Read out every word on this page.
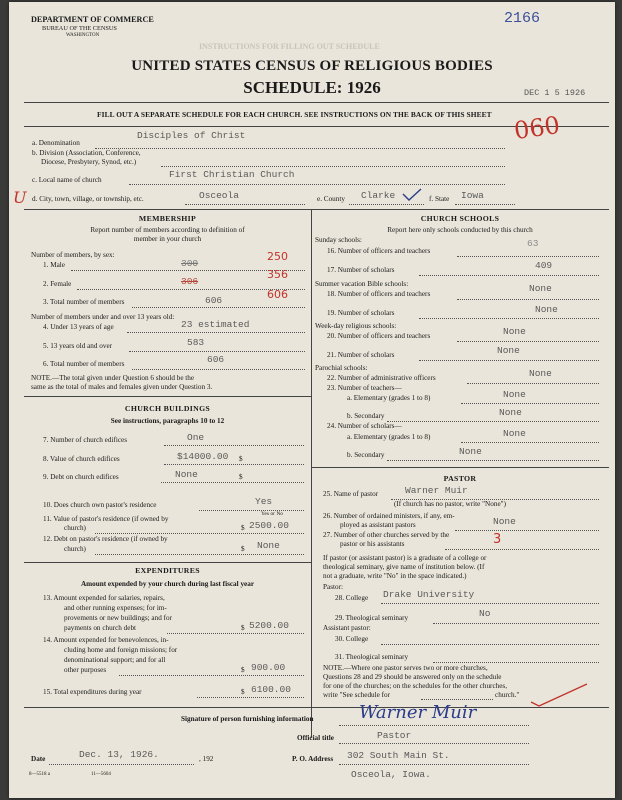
DEPARTMENT OF COMMERCE
BUREAU OF THE CENSUS
WASHINGTON
INSTRUCTIONS FOR FILLING OUT SCHEDULE
2166
UNITED STATES CENSUS OF RELIGIOUS BODIES
SCHEDULE: 1926	DEC 1 5 1926
FILL OUT A SEPARATE SCHEDULE FOR EACH CHURCH. SEE INSTRUCTIONS ON THE BACK OF THIS SHEET 060
a. Denomination
Disciples of Christ
b. Division (Association, Conference,
Diocese, Presbytery, Synod, etc.)
c. Local name of church	First Christian Church
U d. City, town, village, or township, etc.	Osceola	e. County Clarke	f. State Iowa
MEMBERSHIP
Report number of members according to definition of
member in your church
Number of members, by sex:
1. Male	300
250
2. Female	306
356
3. Total number of members	606	606
Number of members under and over 13 years old:
4. Under 13 years of age	23 estimated
5. 13 years old and over	583
6. Total number of members	606
NOTE.—The total given under Question 6 should be the
same as the total of males and females given under Question 3.
CHURCH BUILDINGS
See instructions, paragraphs 10 to 12
7. Number of church edifices	One
8. Value of church edifices	$14000.00 $
9. Debt on church edifices	None	$
10. Does church own pastor's residence	Yes
Yes or No
11. Value of pastor's residence (if owned by
church)	$ 2500.00
12. Debt on pastor's residence (if owned by
church)	$ None
EXPENDITURES
Amount expended by your church during last fiscal year
13. Amount expended for salaries, repairs,
and other running expenses; for im-
provements or new buildings; and for
payments on church debt	$ 5200.00
14. Amount expended for benevolences, in-
cluding home and foreign missions; for
denominational support; and for all
other purposes	$ 900.00
15. Total expenditures during year	$ 6100.00
CHURCH SCHOOLS
Report here only schools conducted by this church
Sunday schools:
16. Number of officers and teachers
63
17. Number of scholars	409
Summer vacation Bible schools:
18. Number of officers and teachers	None
19. Number of scholars	None
Week-day religious schools:
20. Number of officers and teachers	None
21. Number of scholars	None
Parochial schools:
22. Number of administrative officers	None
23. Number of teachers—
a. Elementary (grades 1 to 8)	None
b. Secondary	None
24. Number of scholars—
a. Elementary (grades 1 to 8)	None
b. Secondary	None
PASTOR
25. Name of pastor	Warner Muir
(If church has no pastor, write "None")
26. Number of ordained ministers, if any, em-
ployed as assistant pastors	None
27. Number of other churches served by the
pastor or his assistants	3
If pastor (or assistant pastor) is a graduate of a college or
theological seminary, give name of institution below. (If
not a graduate, write "No" in the space indicated.)
Pastor:
28. College Drake University
29. Theological seminary	No
Assistant pastor:
30. College
31. Theological seminary
NOTE.—Where one pastor serves two or more churches,
Questions 28 and 29 should be answered only on the schedule
for one of the churches; on the schedules for the other churches,
write "See schedule for	church."
Signature of person furnishing information	Warner Muir
Official title	Pastor
Date	Dec. 13, 1926.	, 192	P. O. Address 302 South Main St.
Osceola, Iowa.
8—5518 a	11—5604
